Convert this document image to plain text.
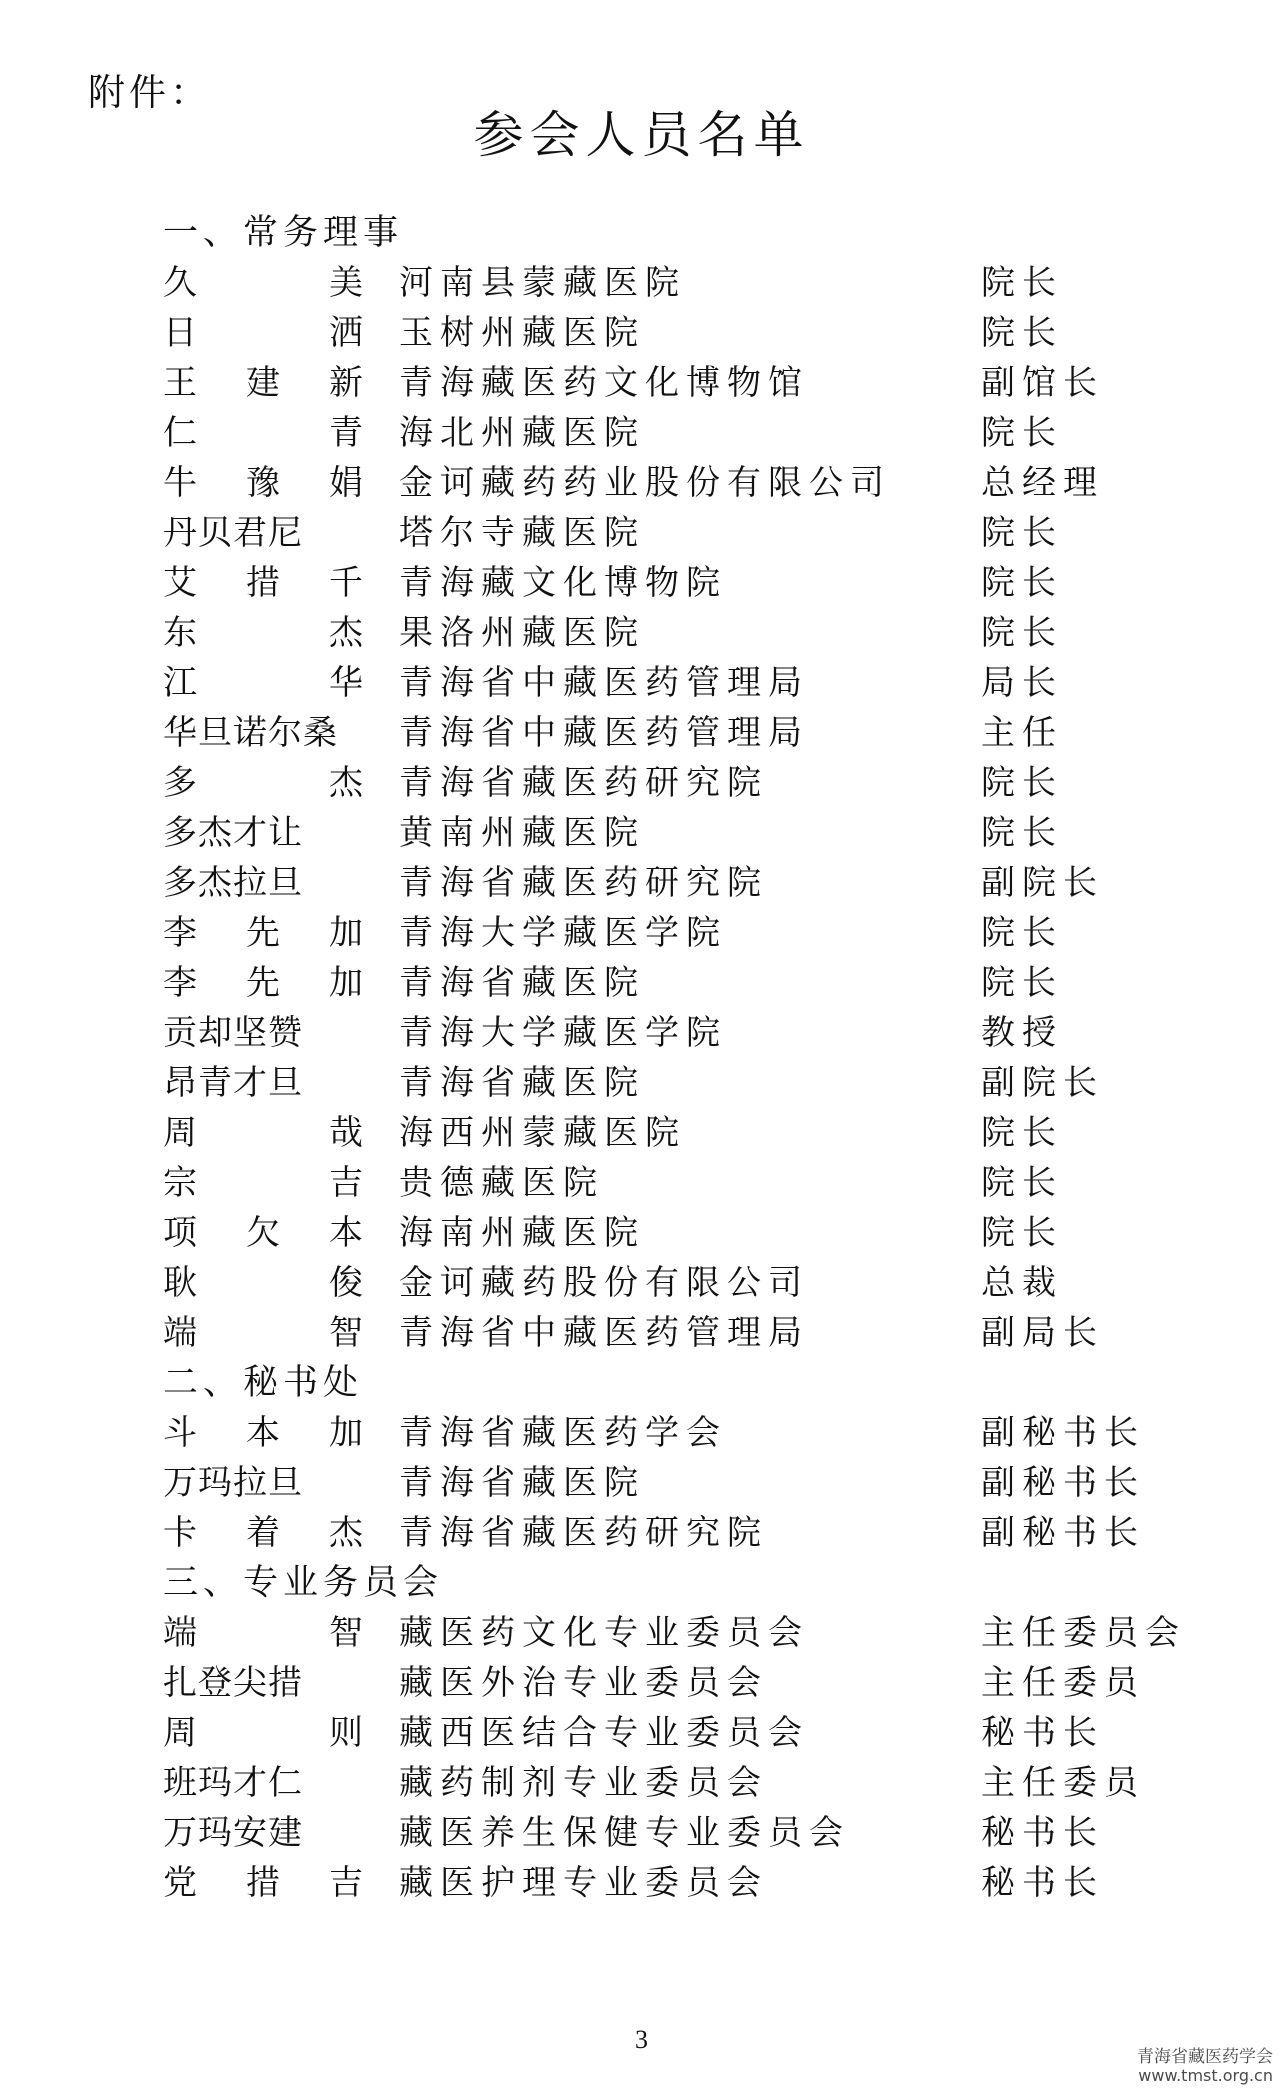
附件：
参会人员名单
一、常务理事
久	美 河南县蒙藏医院	院长
日	洒 玉树州藏医院	院长
王 建 新 青海藏医药文化博物馆	副馆长
仁	青 海北州藏医院	院长
牛 豫 娟 金诃藏药药业股份有限公司	总经理
丹贝君尼	塔尔寺藏医院	院长
艾 措 千 青海藏文化博物院	院长
东	杰 果洛州藏医院	院长
江	华 青海省中藏医药管理局	局长
华旦诺尔桑 青海省中藏医药管理局	主任
多	杰 青海省藏医药研究院	院长
多杰才让	黄南州藏医院	院长
多杰拉旦	青海省藏医药研究院	副院长
李 先 加 青海大学藏医学院	院长
李 先 加 青海省藏医院	院长
贡却坚赞	青海大学藏医学院	教授
昂青才旦	青海省藏医院	副院长
周	哉 海西州蒙藏医院	院长
宗	吉 贵德藏医院	院长
项 欠 本 海南州藏医院	院长
耿	俊 金诃藏药股份有限公司	总裁
端	智 青海省中藏医药管理局	副局长
二、秘书处
斗 本 加 青海省藏医药学会	副秘书长
万玛拉旦	青海省藏医院	副秘书长
卡 着 杰 青海省藏医药研究院	副秘书长
三、专业务员会
端	智 藏医药文化专业委员会	主任委员会
扎登尖措	藏医外治专业委员会	主任委员
周	则 藏西医结合专业委员会	秘书长
班玛才仁	藏药制剂专业委员会	主任委员
万玛安建	藏医养生保健专业委员会	秘书长
党 措 吉 藏医护理专业委员会	秘书长
3
青海省藏医药学会
www.tmst.org.cn
